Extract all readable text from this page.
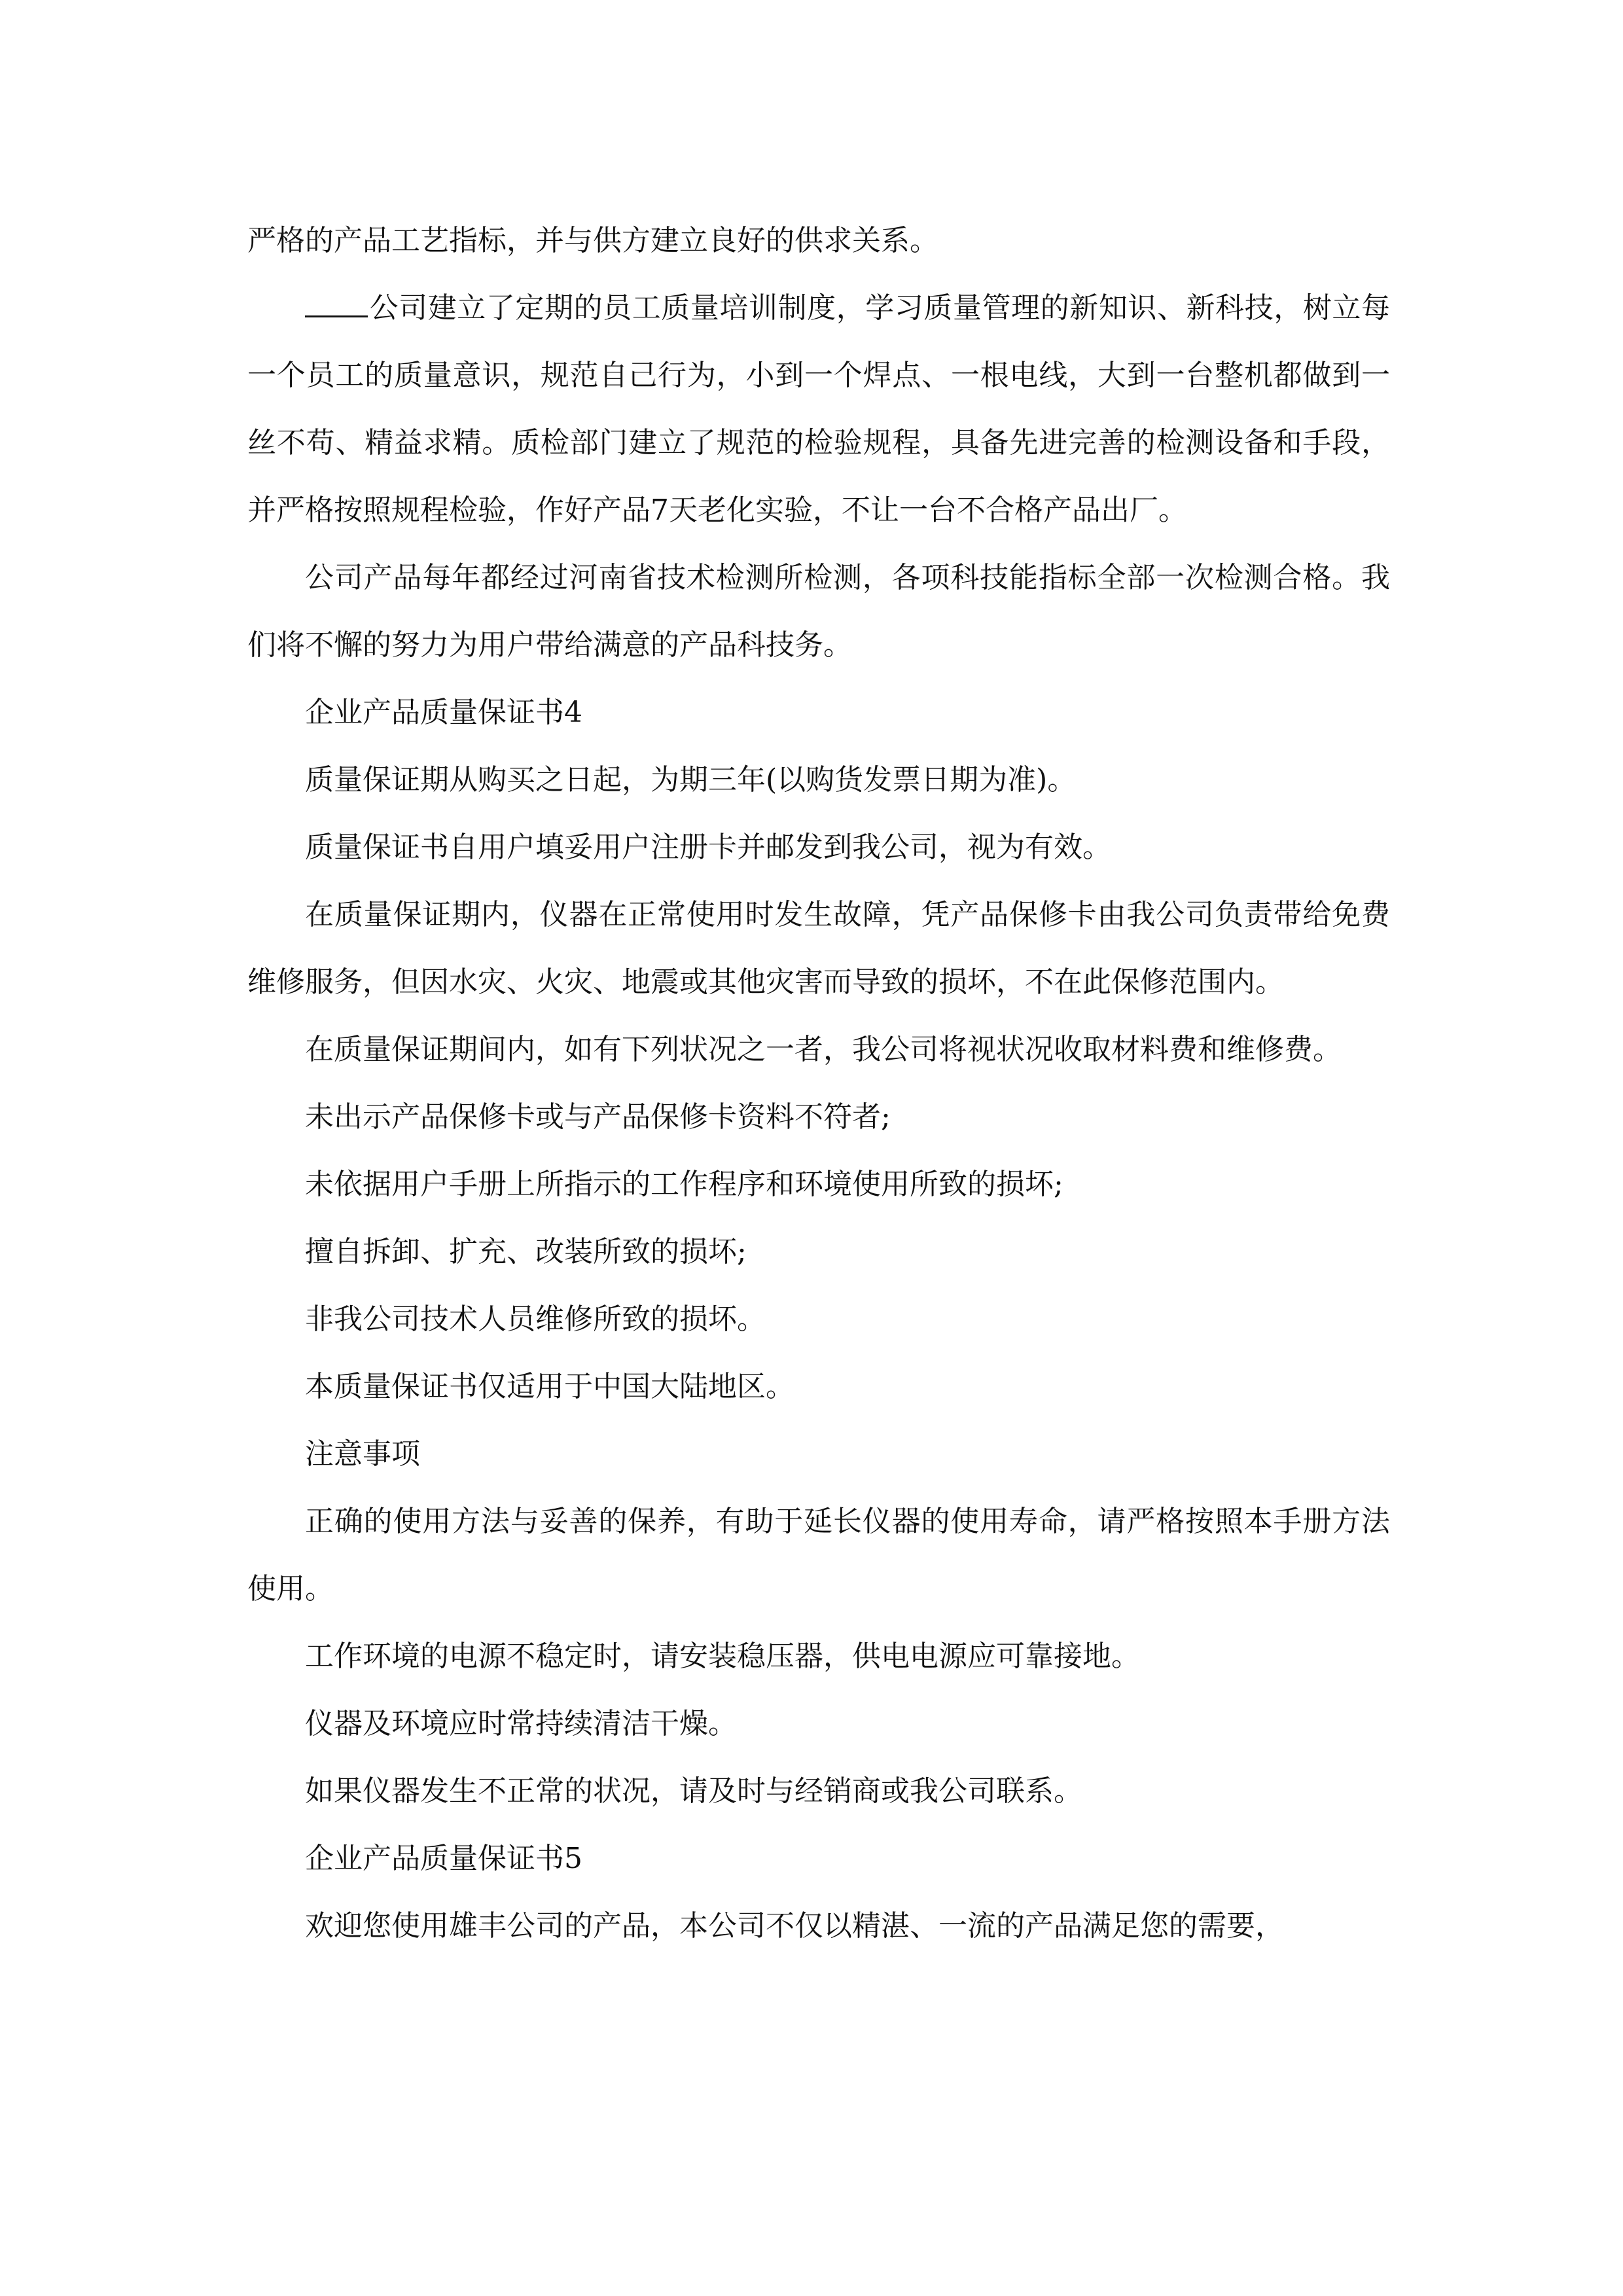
严格的产品工艺指标，并与供方建立良好的供求关系。

公司建立了定期的员工质量培训制度，学习质量管理的新知识、新科技，树立每一个员工的质量意识，规范自己行为，小到一个焊点、一根电线，大到一台整机都做到一丝不苟、精益求精。质检部门建立了规范的检验规程，具备先进完善的检测设备和手段，并严格按照规程检验，作好产品7天老化实验，不让一台不合格产品出厂。

公司产品每年都经过河南省技术检测所检测，各项科技能指标全部一次检测合格。我们将不懈的努力为用户带给满意的产品科技务。

企业产品质量保证书4

质量保证期从购买之日起，为期三年(以购货发票日期为准)。

质量保证书自用户填妥用户注册卡并邮发到我公司，视为有效。

在质量保证期内，仪器在正常使用时发生故障，凭产品保修卡由我公司负责带给免费维修服务，但因水灾、火灾、地震或其他灾害而导致的损坏，不在此保修范围内。

在质量保证期间内，如有下列状况之一者，我公司将视状况收取材料费和维修费。

未出示产品保修卡或与产品保修卡资料不符者;

未依据用户手册上所指示的工作程序和环境使用所致的损坏;

擅自拆卸、扩充、改装所致的损坏;

非我公司技术人员维修所致的损坏。

本质量保证书仅适用于中国大陆地区。

注意事项

正确的使用方法与妥善的保养，有助于延长仪器的使用寿命，请严格按照本手册方法使用。

工作环境的电源不稳定时，请安装稳压器，供电电源应可靠接地。

仪器及环境应时常持续清洁干燥。

如果仪器发生不正常的状况，请及时与经销商或我公司联系。

企业产品质量保证书5

欢迎您使用雄丰公司的产品，本公司不仅以精湛、一流的产品满足您的需要，
